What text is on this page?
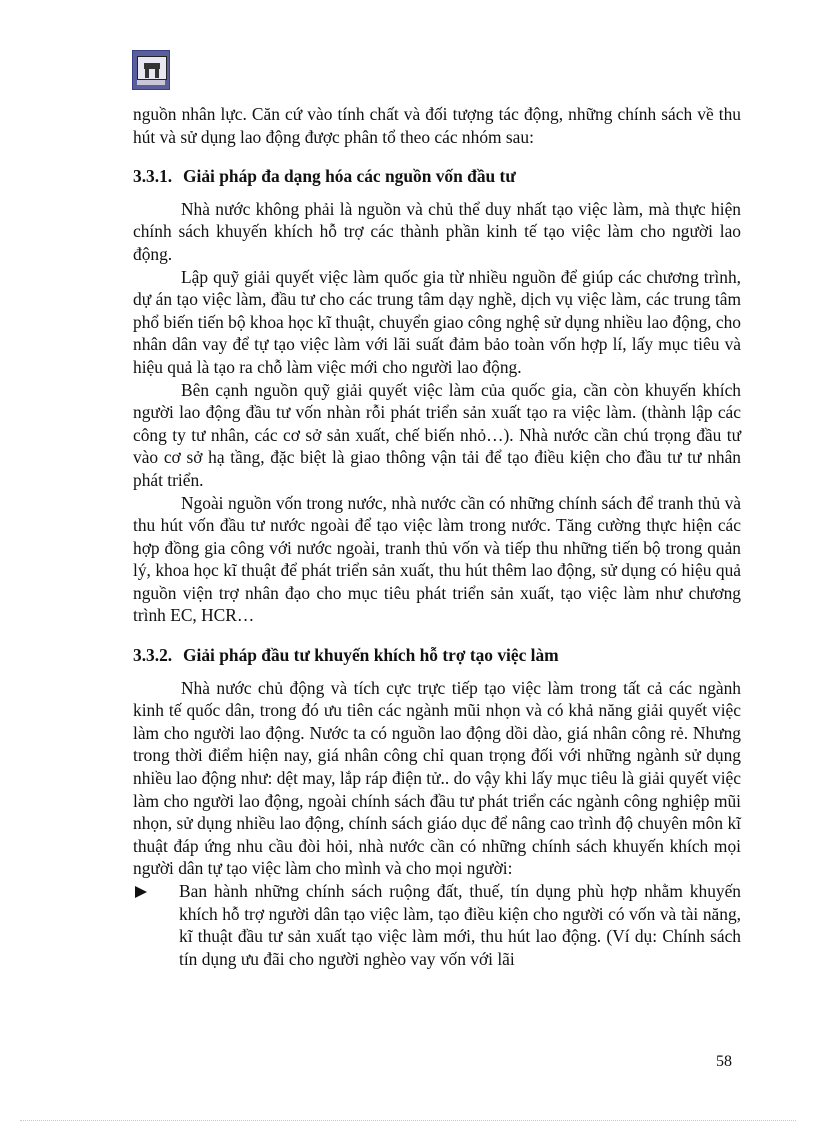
nguồn nhân lực. Căn cứ vào tính chất và đối tượng tác động, những chính sách về thu hút và sử dụng lao động được phân tổ theo các nhóm sau:

3.3.1. Giải pháp đa dạng hóa các nguồn vốn đầu tư

Nhà nước không phải là nguồn và chủ thể duy nhất tạo việc làm, mà thực hiện chính sách khuyến khích hỗ trợ các thành phần kinh tế tạo việc làm cho người lao động.

Lập quỹ giải quyết việc làm quốc gia từ nhiều nguồn để giúp các chương trình, dự án tạo việc làm, đầu tư cho các trung tâm dạy nghề, dịch vụ việc làm, các trung tâm phổ biến tiến bộ khoa học kĩ thuật, chuyển giao công nghệ sử dụng nhiều lao động, cho nhân dân vay để tự tạo việc làm với lãi suất đảm bảo toàn vốn hợp lí, lấy mục tiêu và hiệu quả là tạo ra chỗ làm việc mới cho người lao động.

Bên cạnh nguồn quỹ giải quyết việc làm của quốc gia, cần còn khuyến khích người lao động đầu tư vốn nhàn rỗi phát triển sản xuất tạo ra việc làm. (thành lập các công ty tư nhân, các cơ sở sản xuất, chế biến nhỏ…). Nhà nước cần chú trọng đầu tư vào cơ sở hạ tầng, đặc biệt là giao thông vận tải để tạo điều kiện cho đầu tư tư nhân phát triển.

Ngoài nguồn vốn trong nước, nhà nước cần có những chính sách để tranh thủ và thu hút vốn đầu tư nước ngoài để tạo việc làm trong nước. Tăng cường thực hiện các hợp đồng gia công với nước ngoài, tranh thủ vốn và tiếp thu những tiến bộ trong quản lý, khoa học kĩ thuật để phát triển sản xuất, thu hút thêm lao động, sử dụng có hiệu quả nguồn viện trợ nhân đạo cho mục tiêu phát triển sản xuất, tạo việc làm như chương trình EC, HCR…

3.3.2. Giải pháp đầu tư khuyến khích hỗ trợ tạo việc làm

Nhà nước chủ động và tích cực trực tiếp tạo việc làm trong tất cả các ngành kinh tế quốc dân, trong đó ưu tiên các ngành mũi nhọn và có khả năng giải quyết việc làm cho người lao động. Nước ta có nguồn lao động dồi dào, giá nhân công rẻ. Nhưng trong thời điểm hiện nay, giá nhân công chỉ quan trọng đối với những ngành sử dụng nhiều lao động như: dệt may, lắp ráp điện tử.. do vậy khi lấy mục tiêu là giải quyết việc làm cho người lao động, ngoài chính sách đầu tư phát triển các ngành công nghiệp mũi nhọn, sử dụng nhiều lao động, chính sách giáo dục để nâng cao trình độ chuyên môn kĩ thuật đáp ứng nhu cầu đòi hỏi, nhà nước cần có những chính sách khuyến khích mọi người dân tự tạo việc làm cho mình và cho mọi người:

Ban hành những chính sách ruộng đất, thuế, tín dụng phù hợp nhằm khuyến khích hỗ trợ người dân tạo việc làm, tạo điều kiện cho người có vốn và tài năng, kĩ thuật đầu tư sản xuất tạo việc làm mới, thu hút lao động. (Ví dụ: Chính sách tín dụng ưu đãi cho người nghèo vay vốn với lãi
58
